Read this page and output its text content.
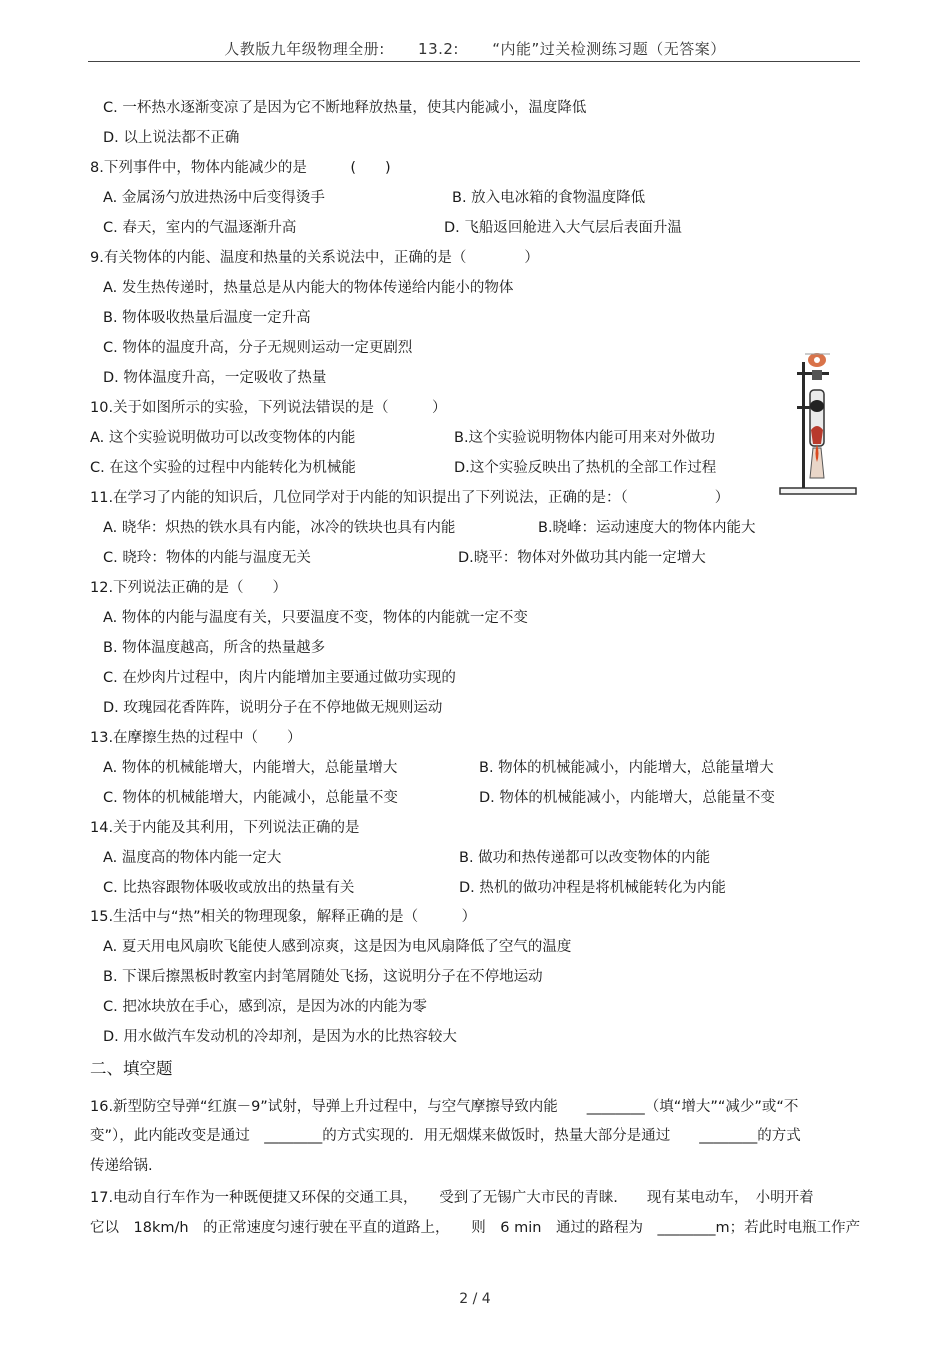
人教版九年级物理全册: 13.2: “内能”过关检测练习题（无答案）
C. 一杯热水逐渐变凉了是因为它不断地释放热量，使其内能减小，温度降低
D. 以上说法都不正确
8.下列事件中，物体内能减少的是　　　(　　)
A. 金属汤勺放进热汤中后变得烫手	B. 放入电冰箱的食物温度降低
C. 春天，室内的气温逐渐升高	D. 飞船返回舱进入大气层后表面升温
9.有关物体的内能、温度和热量的关系说法中，正确的是（　　　　）
A. 发生热传递时，热量总是从内能大的物体传递给内能小的物体
B. 物体吸收热量后温度一定升高
C. 物体的温度升高，分子无规则运动一定更剧烈
D. 物体温度升高，一定吸收了热量
10.关于如图所示的实验，下列说法错误的是（　　　）
A. 这个实验说明做功可以改变物体的内能	B.这个实验说明物体内能可用来对外做功
C. 在这个实验的过程中内能转化为机械能	D.这个实验反映出了热机的全部工作过程
11.在学习了内能的知识后，几位同学对于内能的知识提出了下列说法，正确的是：（　　　　　　）
A. 晓华：炽热的铁水具有内能，冰冷的铁块也具有内能	B.晓峰：运动速度大的物体内能大
C. 晓玲：物体的内能与温度无关	D.晓平：物体对外做功其内能一定增大
12.下列说法正确的是（　　）
A. 物体的内能与温度有关，只要温度不变，物体的内能就一定不变
B. 物体温度越高，所含的热量越多
C. 在炒肉片过程中，肉片内能增加主要通过做功实现的
D. 玫瑰园花香阵阵，说明分子在不停地做无规则运动
13.在摩擦生热的过程中（　　）
A. 物体的机械能增大，内能增大，总能量增大	B. 物体的机械能减小，内能增大，总能量增大
C. 物体的机械能增大，内能减小，总能量不变	D. 物体的机械能减小，内能增大，总能量不变
14.关于内能及其利用，下列说法正确的是
A. 温度高的物体内能一定大	B. 做功和热传递都可以改变物体的内能
C. 比热容跟物体吸收或放出的热量有关	D. 热机的做功冲程是将机械能转化为内能
15.生活中与“热”相关的物理现象，解释正确的是（　　　）
A. 夏天用电风扇吹飞能使人感到凉爽，这是因为电风扇降低了空气的温度
B. 下课后擦黑板时教室内封笔屑随处飞扬，这说明分子在不停地运动
C. 把冰块放在手心，感到凉，是因为冰的内能为零
D. 用水做汽车发动机的冷却剂，是因为水的比热容较大
二、填空题
16.新型防空导弹“红旗－9”试射，导弹上升过程中，与空气摩擦导致内能　　________（填“增大”“减少”或“不
变”），此内能改变是通过　________的方式实现的．用无烟煤来做饭时，热量大部分是通过　　________的方式
传递给锅.
17.电动自行车作为一种既便捷又环保的交通工具，　　受到了无锡广大市民的青睐.　　现有某电动车，　小明开着
它以　18km/h　的正常速度匀速行驶在平直的道路上，　　则　6 min　通过的路程为　________m；若此时电瓶工作产
2 / 4
